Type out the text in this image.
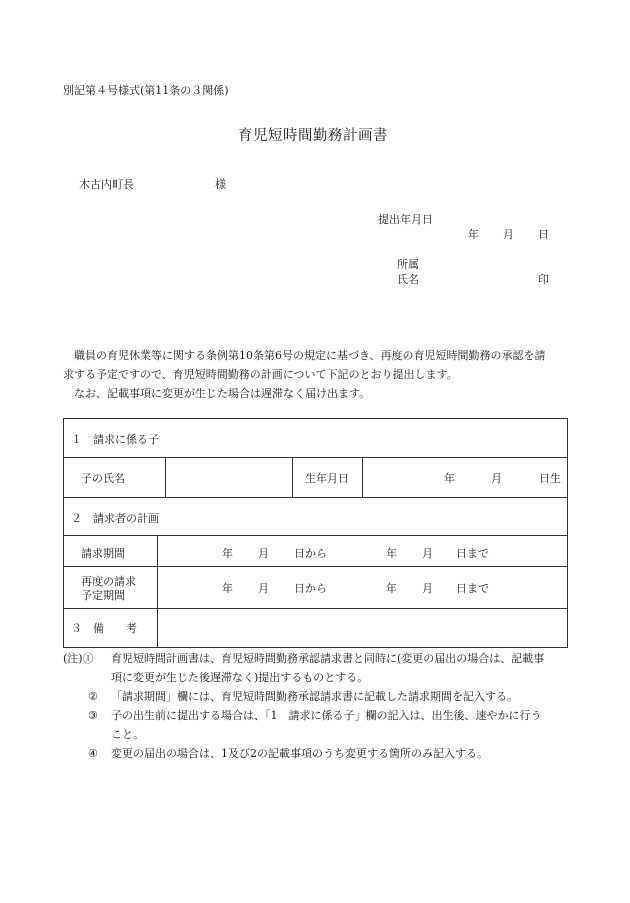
別記第４号様式(第11条の３関係)
育児短時間勤務計画書
木古内町長	様
提出年月日
年 月 日
所属
氏名	印
職員の育児休業等に関する条例第10条第6号の規定に基づき、再度の育児短時間勤務の承認を請
求する予定ですので、育児短時間勤務の計画について下記のとおり提出します。
なお、記載事項に変更が生じた場合は遅滞なく届け出ます。
１　請求に係る子
子の氏名	生年月日	年	月	日生
２　請求者の計画
請求期間	年 月 日から	年 月 日まで
再度の請求
予定期間
年 月 日から	年 月 日まで
３　備　　考
(注)① 育児短時間計画書は、育児短時間勤務承認請求書と同時に(変更の届出の場合は、記載事
項に変更が生じた後遅滞なく)提出するものとする。
② 「請求期間」欄には、育児短時間勤務承認請求書に記載した請求期間を記入する。
③ 子の出生前に提出する場合は、「1　請求に係る子」欄の記入は、出生後、速やかに行う
こと。
④ 変更の届出の場合は、1及び2の記載事項のうち変更する箇所のみ記入する。
